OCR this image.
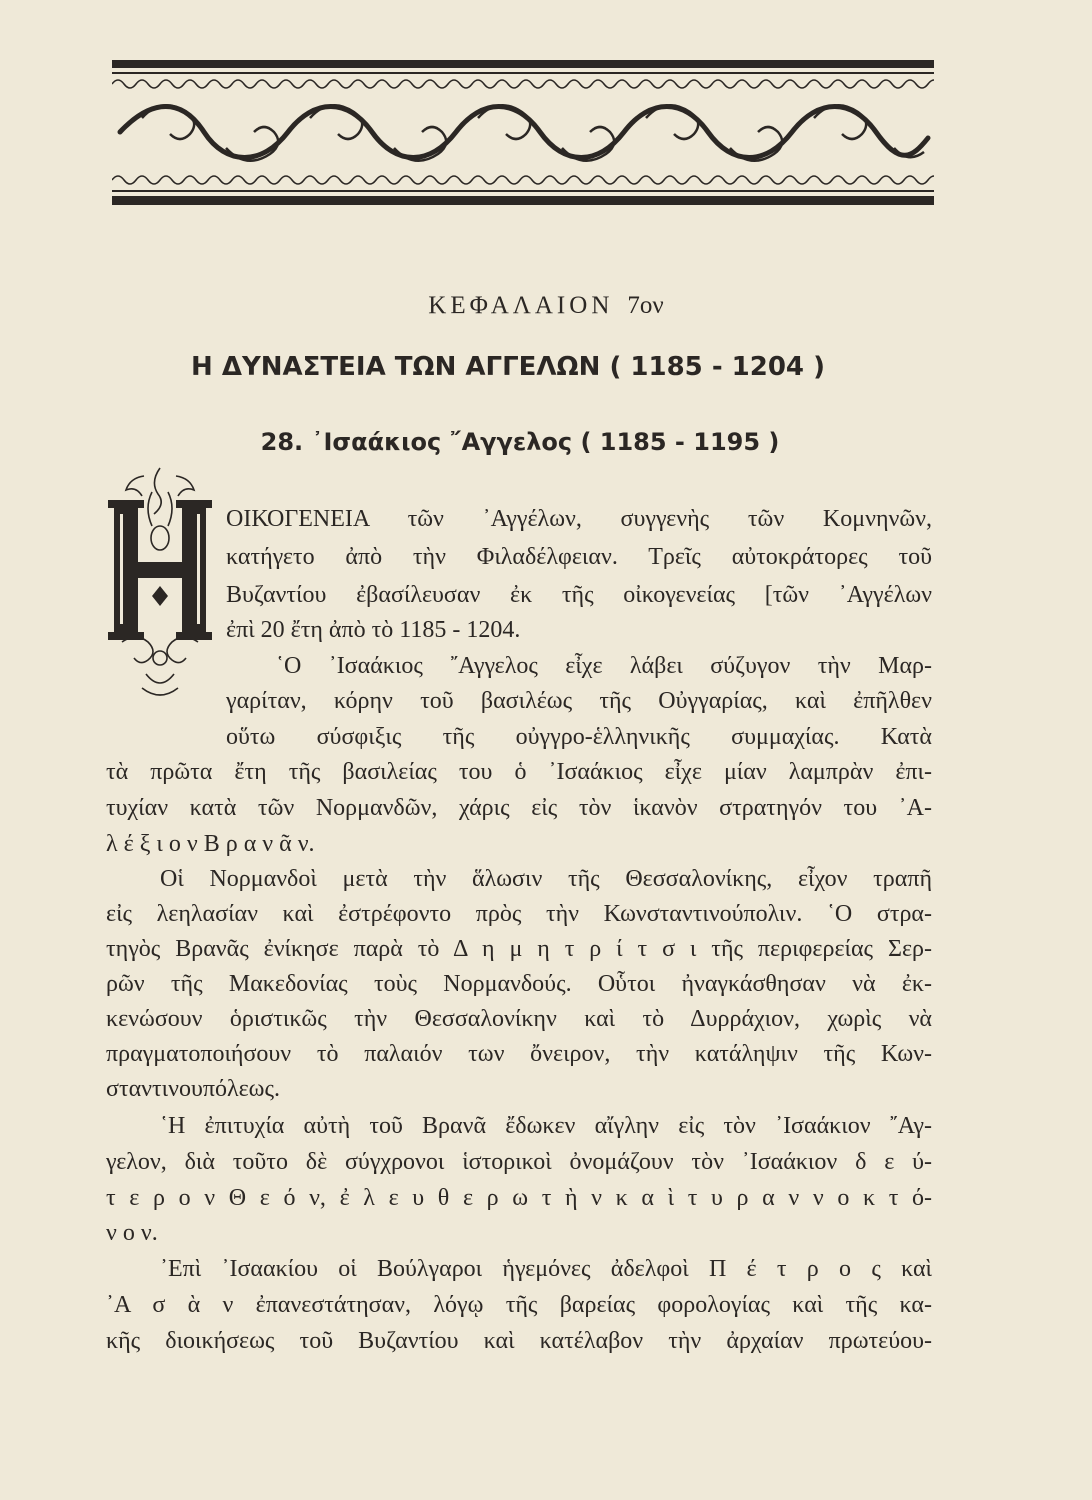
ΚΕΦΑΛΑΙΟΝ 7ον
Η ΔΥΝΑΣΤΕΙΑ ΤΩΝ ΑΓΓΕΛΩΝ ( 1185 - 1204 )
28. ᾿Ισαάκιος ῎Αγγελος ( 1185 - 1195 )
ΟΙΚΟΓΕΝΕΙΑ τῶν ᾿Αγγέλων, συγγενὴς τῶν Κομνηνῶν,
κατήγετο ἀπὸ τὴν Φιλαδέλφειαν. Τρεῖς αὐτοκράτορες τοῦ
Βυζαντίου ἐβασίλευσαν ἐκ τῆς οἰκογενείας [τῶν ᾿Αγγέλων
ἐπὶ 20 ἔτη ἀπὸ τὸ 1185 - 1204.
῾Ο ᾿Ισαάκιος ῎Αγγελος εἶχε λάβει σύζυγον τὴν Μαρ-
γαρίταν, κόρην τοῦ βασιλέως τῆς Οὐγγαρίας, καὶ ἐπῆλθεν
οὕτω σύσφιξις τῆς οὐγγρο-ἑλληνικῆς συμμαχίας. Κατὰ
τὰ πρῶτα ἔτη τῆς βασιλείας του ὁ ᾿Ισαάκιος εἶχε μίαν λαμπρὰν ἐπι-
τυχίαν κατὰ τῶν Νορμανδῶν, χάρις εἰς τὸν ἱκανὸν στρατηγόν του ᾿Α-
λ έ ξ ι ο ν Β ρ α ν ᾶ ν.
Οἱ Νορμανδοὶ μετὰ τὴν ἅλωσιν τῆς Θεσσαλονίκης, εἶχον τραπῆ
εἰς λεηλασίαν καὶ ἐστρέφοντο πρὸς τὴν Κωνσταντινούπολιν. ῾Ο στρα-
τηγὸς Βρανᾶς ἐνίκησε παρὰ τὸ Δ η μ η τ ρ ί τ σ ι τῆς περιφερείας Σερ-
ρῶν τῆς Μακεδονίας τοὺς Νορμανδούς. Οὗτοι ἠναγκάσθησαν νὰ ἐκ-
κενώσουν ὁριστικῶς τὴν Θεσσαλονίκην καὶ τὸ Δυρράχιον, χωρὶς νὰ
πραγματοποιήσουν τὸ παλαιόν των ὄνειρον, τὴν κατάληψιν τῆς Κων-
σταντινουπόλεως.
῾Η ἐπιτυχία αὐτὴ τοῦ Βρανᾶ ἔδωκεν αἴγλην εἰς τὸν ᾿Ισαάκιον ῎Αγ-
γελον, διὰ τοῦτο δὲ σύγχρονοι ἱστορικοὶ ὀνομάζουν τὸν ᾿Ισαάκιον δ ε ύ-
τ ε ρ ο ν Θ ε ό ν, ἐ λ ε υ θ ε ρ ω τ ὴ ν κ α ὶ τ υ ρ α ν ν ο κ τ ό-
ν ο ν.
᾿Επὶ ᾿Ισαακίου οἱ Βούλγαροι ἡγεμόνες ἀδελφοὶ Π έ τ ρ ο ς καὶ
᾿Α σ ὰ ν ἐπανεστάτησαν, λόγῳ τῆς βαρείας φορολογίας καὶ τῆς κα-
κῆς διοικήσεως τοῦ Βυζαντίου καὶ κατέλαβον τὴν ἀρχαίαν πρωτεύου-
